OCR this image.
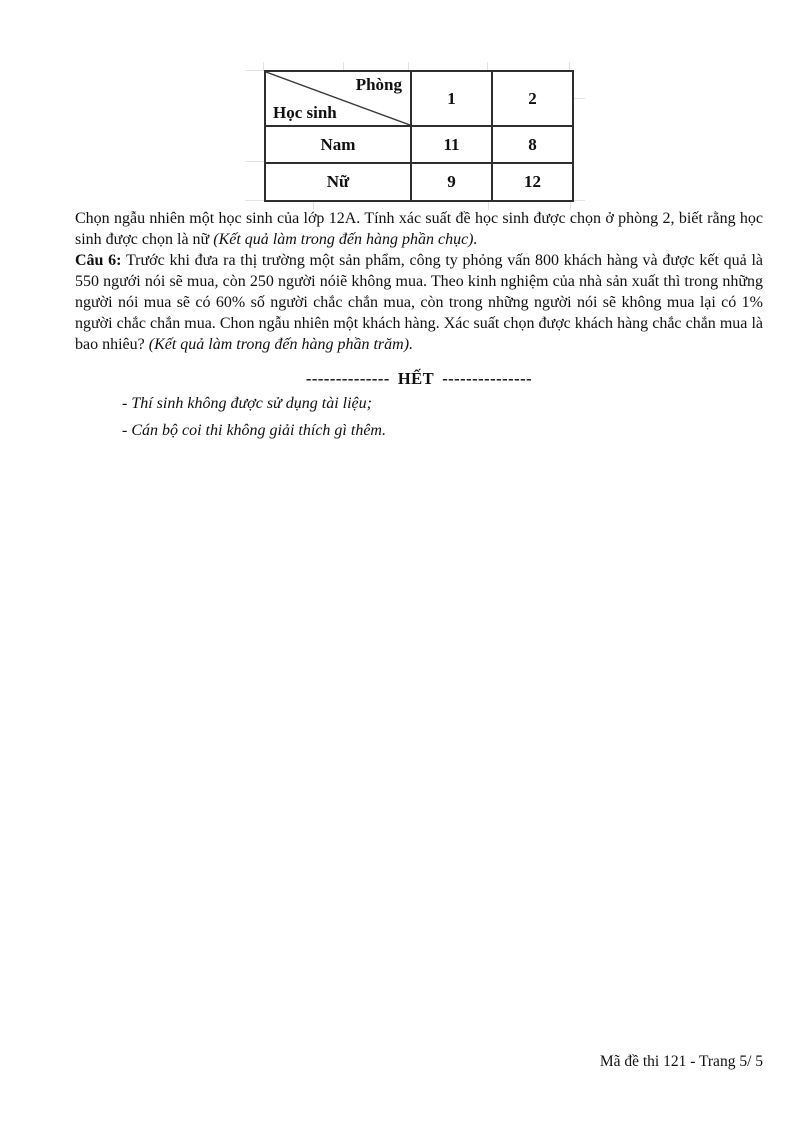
Phòng
Học sinh	1	2
Nam	11	8
Nữ	9	12

Chọn ngẫu nhiên một học sinh của lớp 12A. Tính xác suất đề học sinh được chọn ở phòng 2, biết rằng học sinh được chọn là nữ (Kết quả làm trong đến hàng phần chục).

Câu 6: Trước khi đưa ra thị trường một sản phẩm, công ty phỏng vấn 800 khách hàng và được kết quả là 550 ngưới nói sẽ mua, còn 250 người nóiẽ không mua. Theo kinh nghiệm của nhà sản xuất thì trong những người nói mua sẽ có 60% số người chắc chắn mua, còn trong những người nói sẽ không mua lại có 1% người chắc chắn mua. Chon ngẫu nhiên một khách hàng. Xác suất chọn được khách hàng chắc chắn mua là bao nhiêu? (Kết quả làm trong đến hàng phần trăm).

-------------- HẾT ---------------
- Thí sinh không được sử dụng tài liệu;
- Cán bộ coi thi không giải thích gì thêm.
Mã đề thi 121 - Trang 5/ 5
